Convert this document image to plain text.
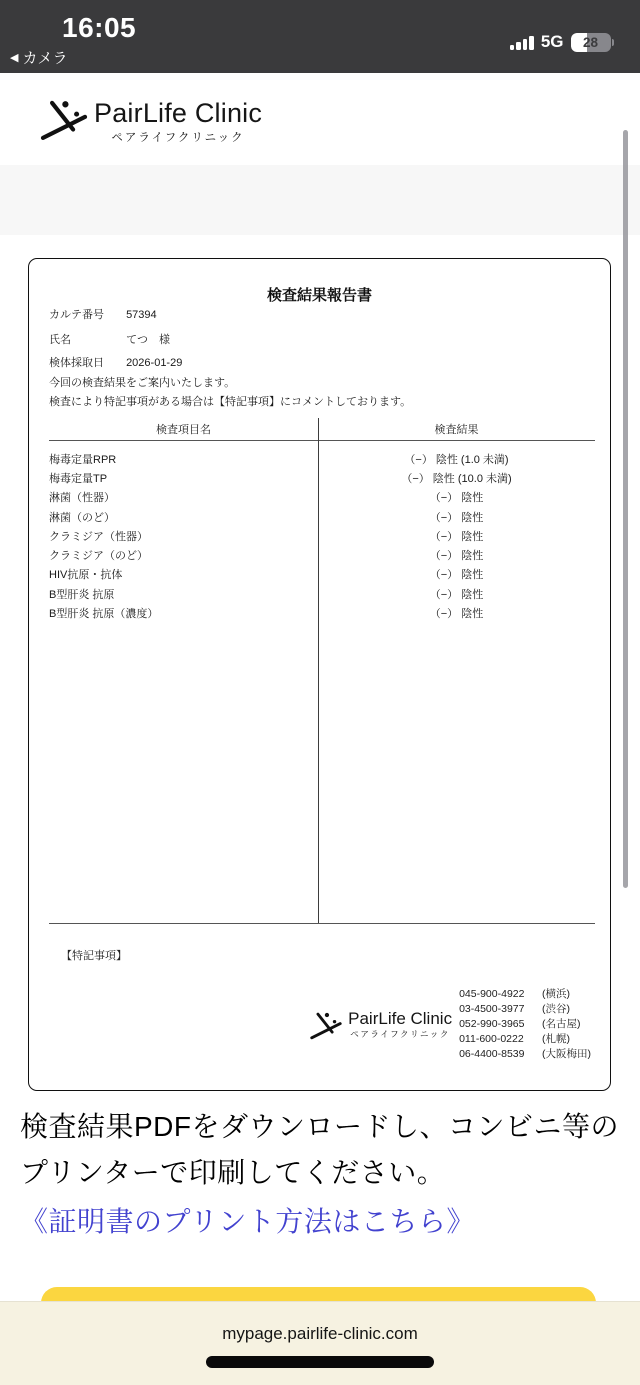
16:05
◀ カメラ
5G	28
PairLife Clinic
ペアライフクリニック
検査結果報告書
カルテ番号 57394
氏名	てつ　様
検体採取日 2026-01-29
今回の検査結果をご案内いたします。
検査により特記事項がある場合は【特記事項】にコメントしております。
検査項目名	検査結果
梅毒定量RPR	（−） 陰性 (1.0 未満)
梅毒定量TP	（−） 陰性 (10.0 未満)
淋菌（性器）	（−） 陰性
淋菌（のど）	（−） 陰性
クラミジア（性器）	（−） 陰性
クラミジア（のど）	（−） 陰性
HIV抗原・抗体	（−） 陰性
B型肝炎 抗原	（−） 陰性
B型肝炎 抗原（濃度）	（−） 陰性
【特記事項】
PairLife Clinic
ペアライフクリニック
045-900-4922 (横浜)
03-4500-3977 (渋谷)
052-990-3965 (名古屋)
011-600-0222 (札幌)
06-4400-8539 (大阪梅田)

検査結果PDFをダウンロードし、コンビニ等のプリンターで印刷してください。

《証明書のプリント方法はこちら》
mypage.pairlife-clinic.com
